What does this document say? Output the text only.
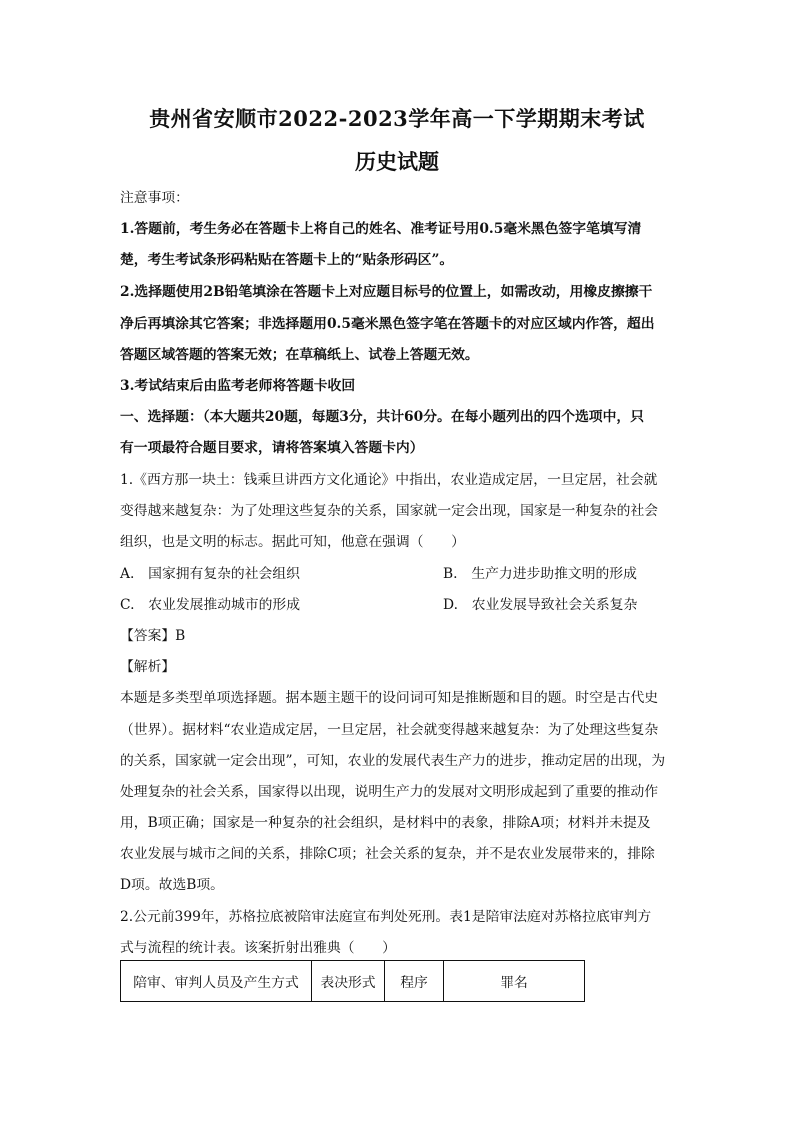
贵州省安顺市2022-2023学年高一下学期期末考试
历史试题
注意事项：
1.答题前，考生务必在答题卡上将自己的姓名、准考证号用0.5毫米黑色签字笔填写清
楚，考生考试条形码粘贴在答题卡上的“贴条形码区”。
2.选择题使用2B铅笔填涂在答题卡上对应题目标号的位置上，如需改动，用橡皮擦擦干
净后再填涂其它答案；非选择题用0.5毫米黑色签字笔在答题卡的对应区域内作答，超出
答题区域答题的答案无效；在草稿纸上、试卷上答题无效。
3.考试结束后由监考老师将答题卡收回
一、选择题：（本大题共20题，每题3分，共计60分。在每小题列出的四个选项中，只
有一项最符合题目要求，请将答案填入答题卡内）
1.《西方那一块土：钱乘旦讲西方文化通论》中指出，农业造成定居，一旦定居，社会就
变得越来越复杂：为了处理这些复杂的关系，国家就一定会出现，国家是一种复杂的社会
组织，也是文明的标志。据此可知，他意在强调（　　）
A.　国家拥有复杂的社会组织	B.　生产力进步助推文明的形成
C.　农业发展推动城市的形成	D.　农业发展导致社会关系复杂
【答案】B
【解析】
本题是多类型单项选择题。据本题主题干的设问词可知是推断题和目的题。时空是古代史
（世界）。据材料“农业造成定居，一旦定居，社会就变得越来越复杂：为了处理这些复杂
的关系，国家就一定会出现”，可知，农业的发展代表生产力的进步，推动定居的出现，为
处理复杂的社会关系，国家得以出现，说明生产力的发展对文明形成起到了重要的推动作
用，B项正确；国家是一种复杂的社会组织，是材料中的表象，排除A项；材料并未提及
农业发展与城市之间的关系，排除C项；社会关系的复杂，并不是农业发展带来的，排除
D项。故选B项。
2.公元前399年，苏格拉底被陪审法庭宣布判处死刑。表1是陪审法庭对苏格拉底审判方
式与流程的统计表。该案折射出雅典（　　）
陪审、审判人员及产生方式	表决形式	程序	罪名
